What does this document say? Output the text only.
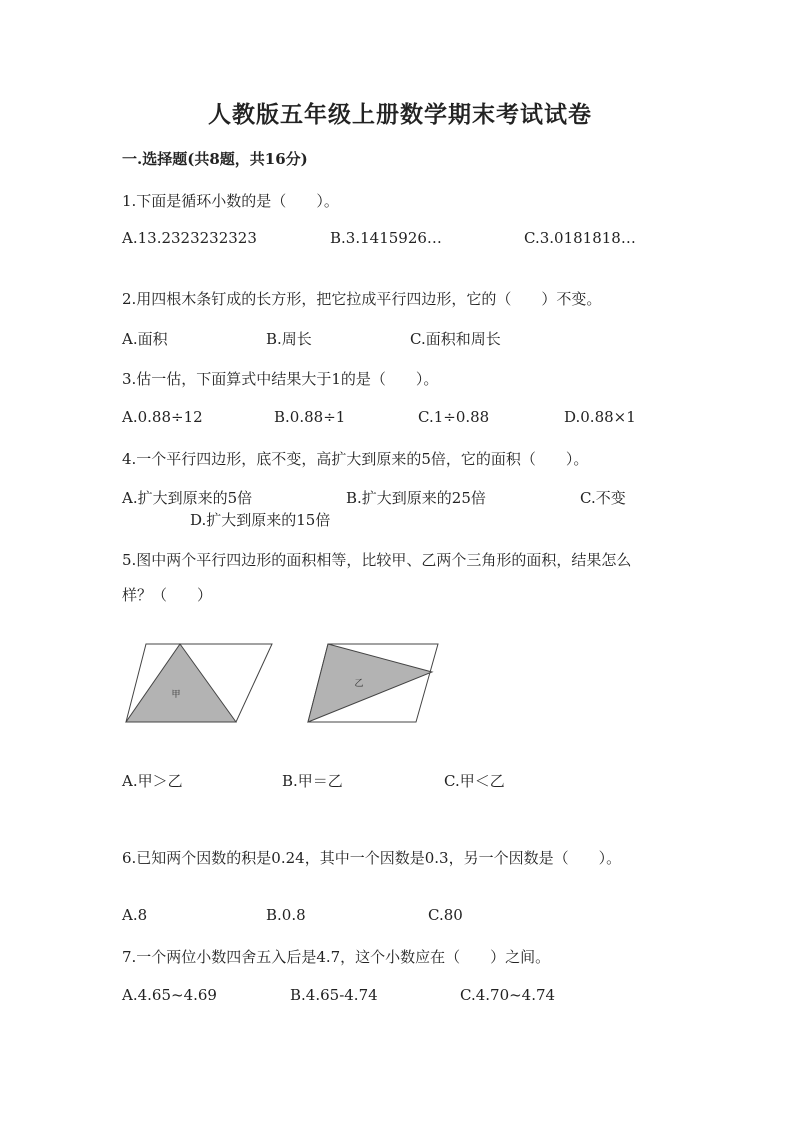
人教版五年级上册数学期末考试试卷
一.选择题(共8题，共16分)
1.下面是循环小数的是（　　）。
A.13.2323232323	B.3.1415926…	C.3.0181818…
2.用四根木条钉成的长方形，把它拉成平行四边形，它的（　　）不变。
A.面积	B.周长	C.面积和周长
3.估一估，下面算式中结果大于1的是（　　）。
A.0.88÷12	B.0.88÷1	C.1÷0.88	D.0.88×1
4.一个平行四边形，底不变，高扩大到原来的5倍，它的面积（　　）。
A.扩大到原来的5倍	B.扩大到原来的25倍	C.不变
D.扩大到原来的15倍
5.图中两个平行四边形的面积相等，比较甲、乙两个三角形的面积，结果怎么
样？（　　）
甲
乙
A.甲＞乙	B.甲＝乙	C.甲＜乙
6.已知两个因数的积是0.24，其中一个因数是0.3，另一个因数是（　　）。
A.8	B.0.8	C.80
7.一个两位小数四舍五入后是4.7，这个小数应在（　　）之间。
A.4.65~4.69	B.4.65-4.74	C.4.70~4.74
